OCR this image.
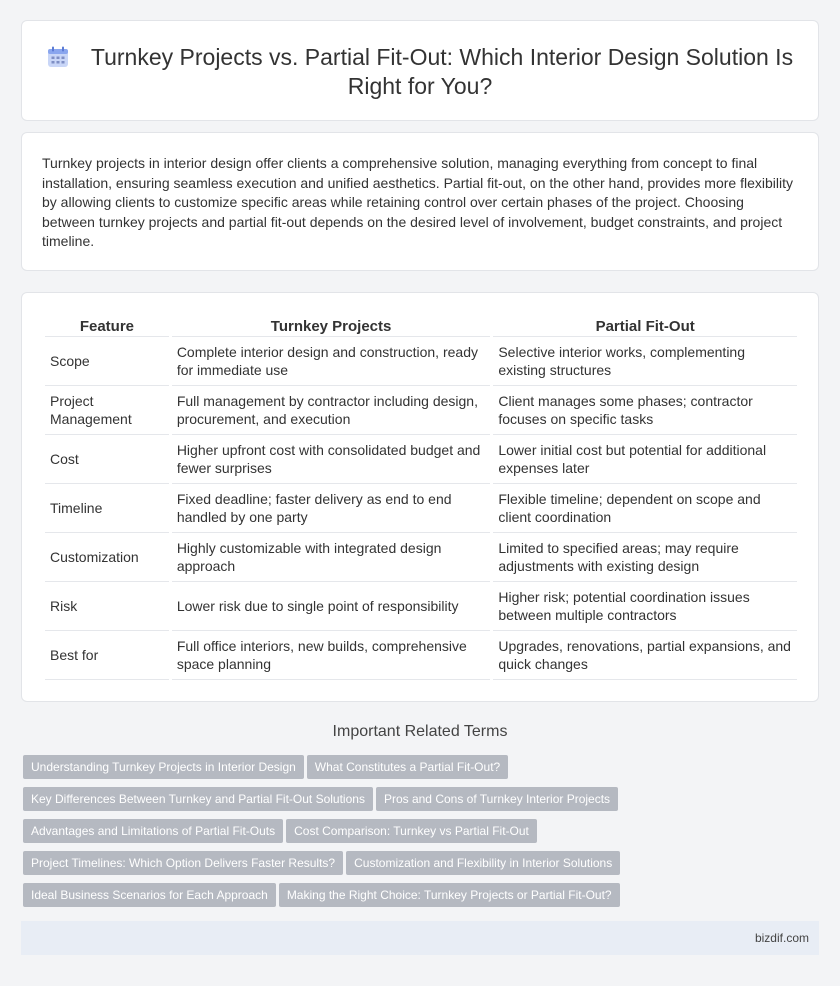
Turnkey Projects vs. Partial Fit-Out: Which Interior Design Solution Is Right for You?

Turnkey projects in interior design offer clients a comprehensive solution, managing everything from concept to final installation, ensuring seamless execution and unified aesthetics. Partial fit-out, on the other hand, provides more flexibility by allowing clients to customize specific areas while retaining control over certain phases of the project. Choosing between turnkey projects and partial fit-out depends on the desired level of involvement, budget constraints, and project timeline.

Feature	Turnkey Projects	Partial Fit-Out
Scope	Complete interior design and construction, ready for immediate use	Selective interior works, complementing existing structures
Project Management	Full management by contractor including design, procurement, and execution	Client manages some phases; contractor focuses on specific tasks
Cost	Higher upfront cost with consolidated budget and fewer surprises	Lower initial cost but potential for additional expenses later
Timeline	Fixed deadline; faster delivery as end to end handled by one party	Flexible timeline; dependent on scope and client coordination
Customization	Highly customizable with integrated design approach	Limited to specified areas; may require adjustments with existing design
Risk	Lower risk due to single point of responsibility	Higher risk; potential coordination issues between multiple contractors
Best for	Full office interiors, new builds, comprehensive space planning	Upgrades, renovations, partial expansions, and quick changes
Important Related Terms
Understanding Turnkey Projects in Interior Design What Constitutes a Partial Fit-Out?
Key Differences Between Turnkey and Partial Fit-Out Solutions Pros and Cons of Turnkey Interior Projects
Advantages and Limitations of Partial Fit-Outs Cost Comparison: Turnkey vs Partial Fit-Out
Project Timelines: Which Option Delivers Faster Results? Customization and Flexibility in Interior Solutions
Ideal Business Scenarios for Each Approach Making the Right Choice: Turnkey Projects or Partial Fit-Out?
bizdif.com
